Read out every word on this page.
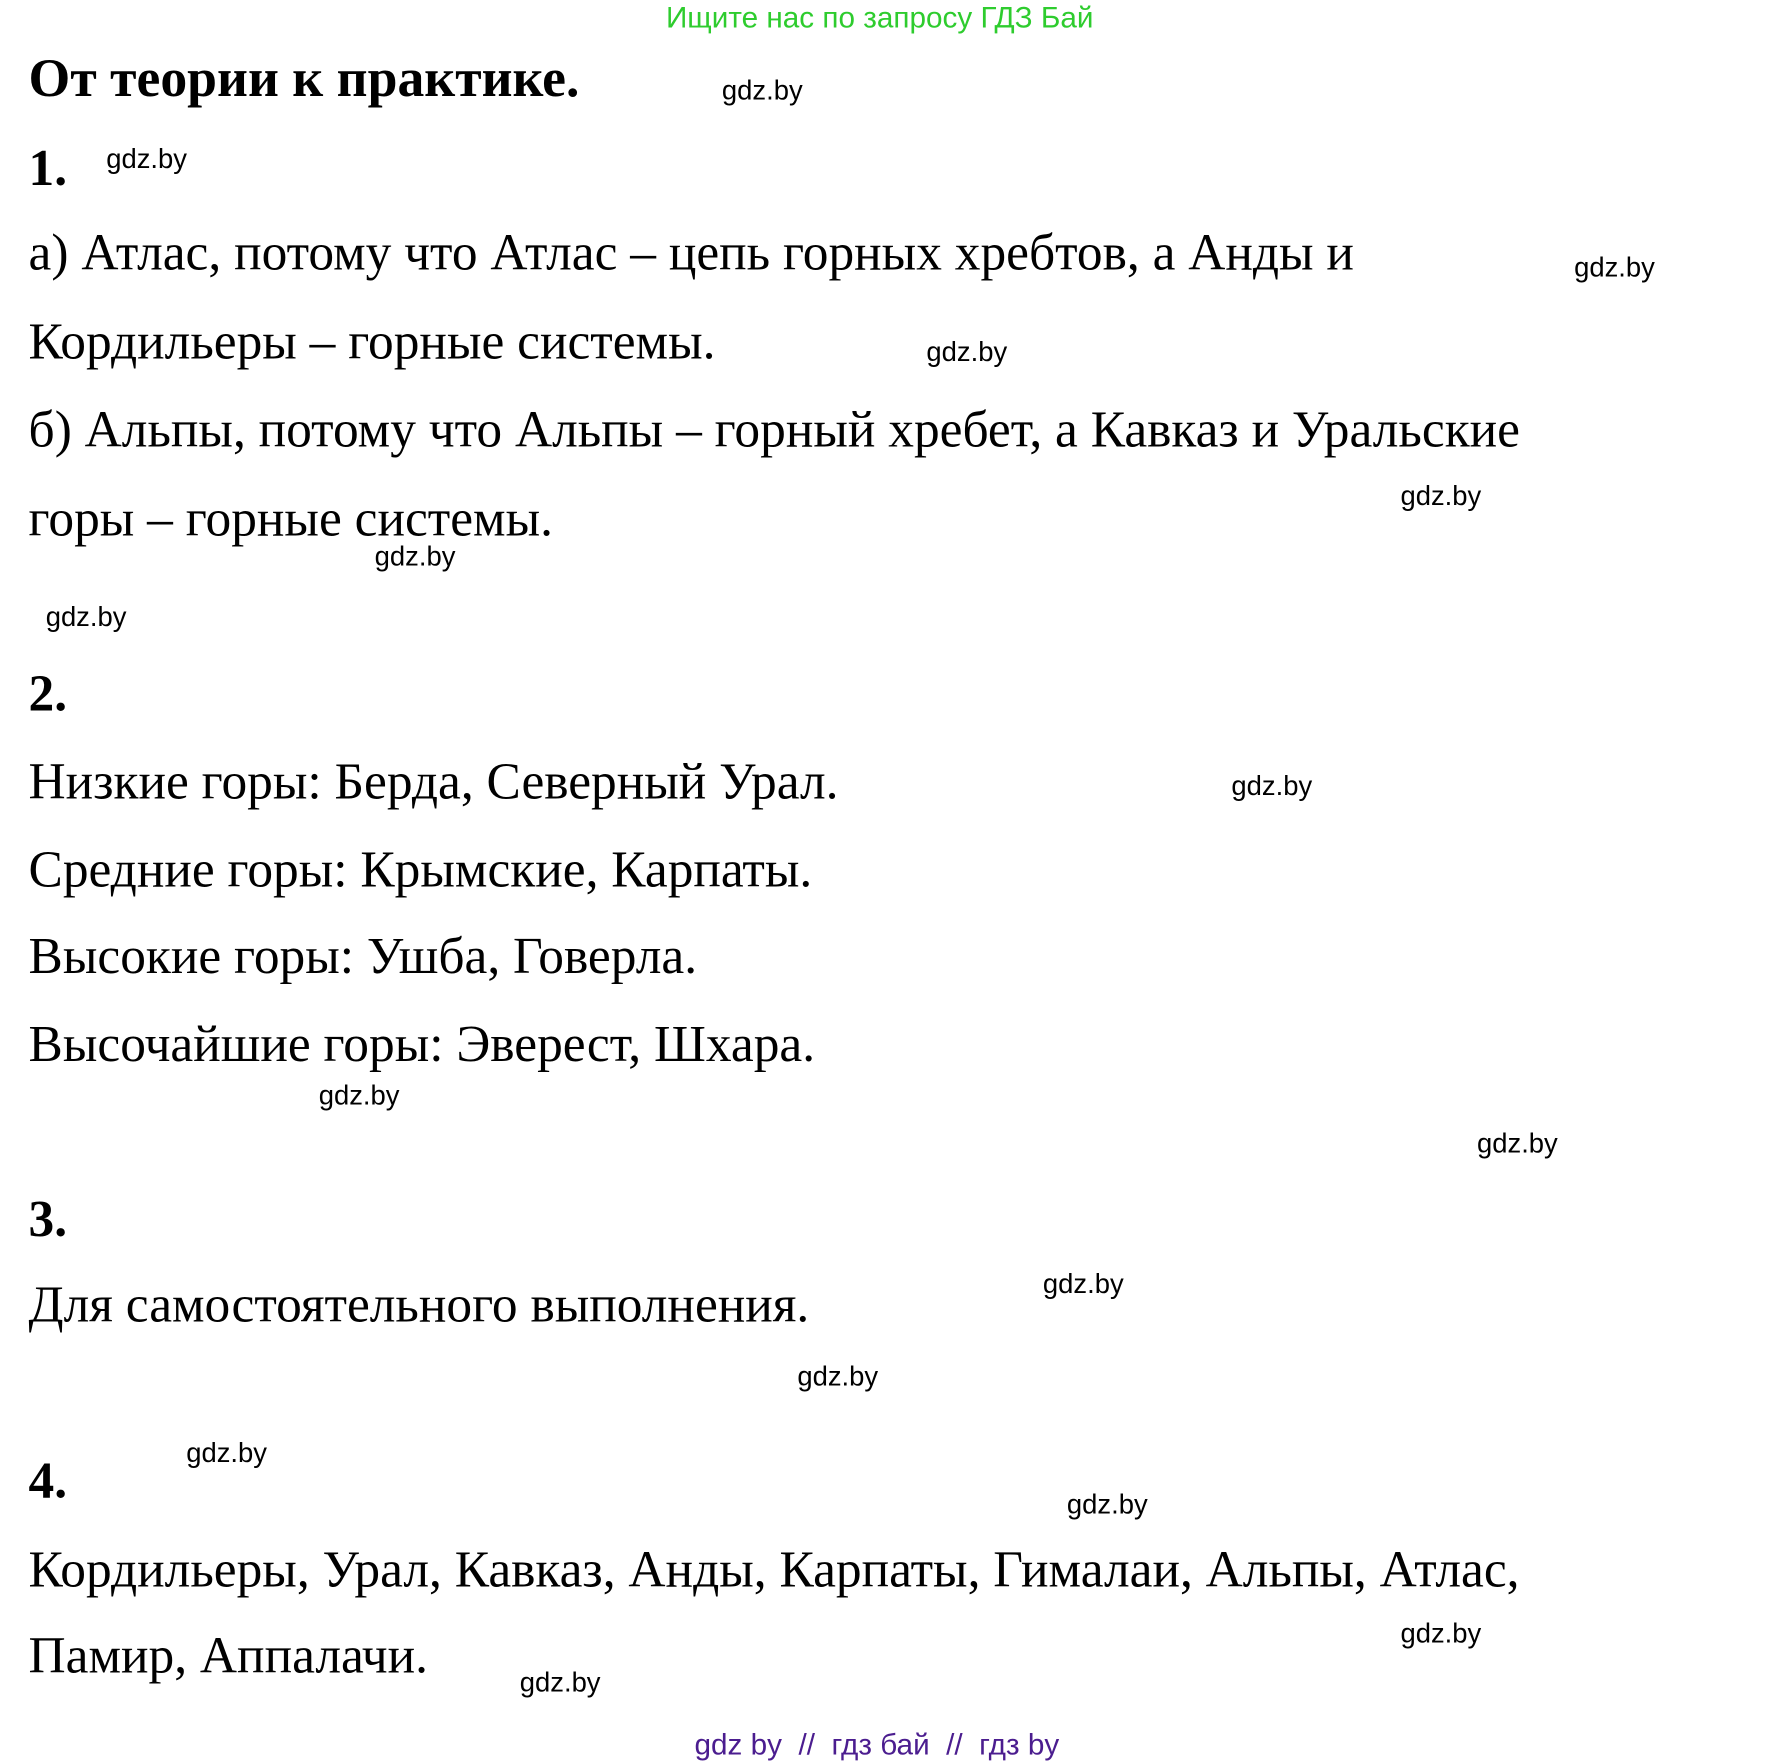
Ищите нас по запросу ГДЗ Бай
От теории к практике.
1.
а) Атлас, потому что Атлас – цепь горных хребтов, а Анды и
Кордильеры – горные системы.
б) Альпы, потому что Альпы – горный хребет, а Кавказ и Уральские
горы – горные системы.
2.
Низкие горы: Берда, Северный Урал.
Средние горы: Крымские, Карпаты.
Высокие горы: Ушба, Говерла.
Высочайшие горы: Эверест, Шхара.
3.
Для самостоятельного выполнения.
4.
Кордильеры, Урал, Кавказ, Анды, Карпаты, Гималаи, Альпы, Атлас,
Памир, Аппалачи.
gdz.by
gdz.by
gdz.by
gdz.by
gdz.by
gdz.by
gdz.by
gdz.by
gdz.by
gdz.by
gdz.by
gdz.by
gdz.by
gdz.by
gdz.by
gdz.by
gdz by  //  гдз бай  //  гдз by
